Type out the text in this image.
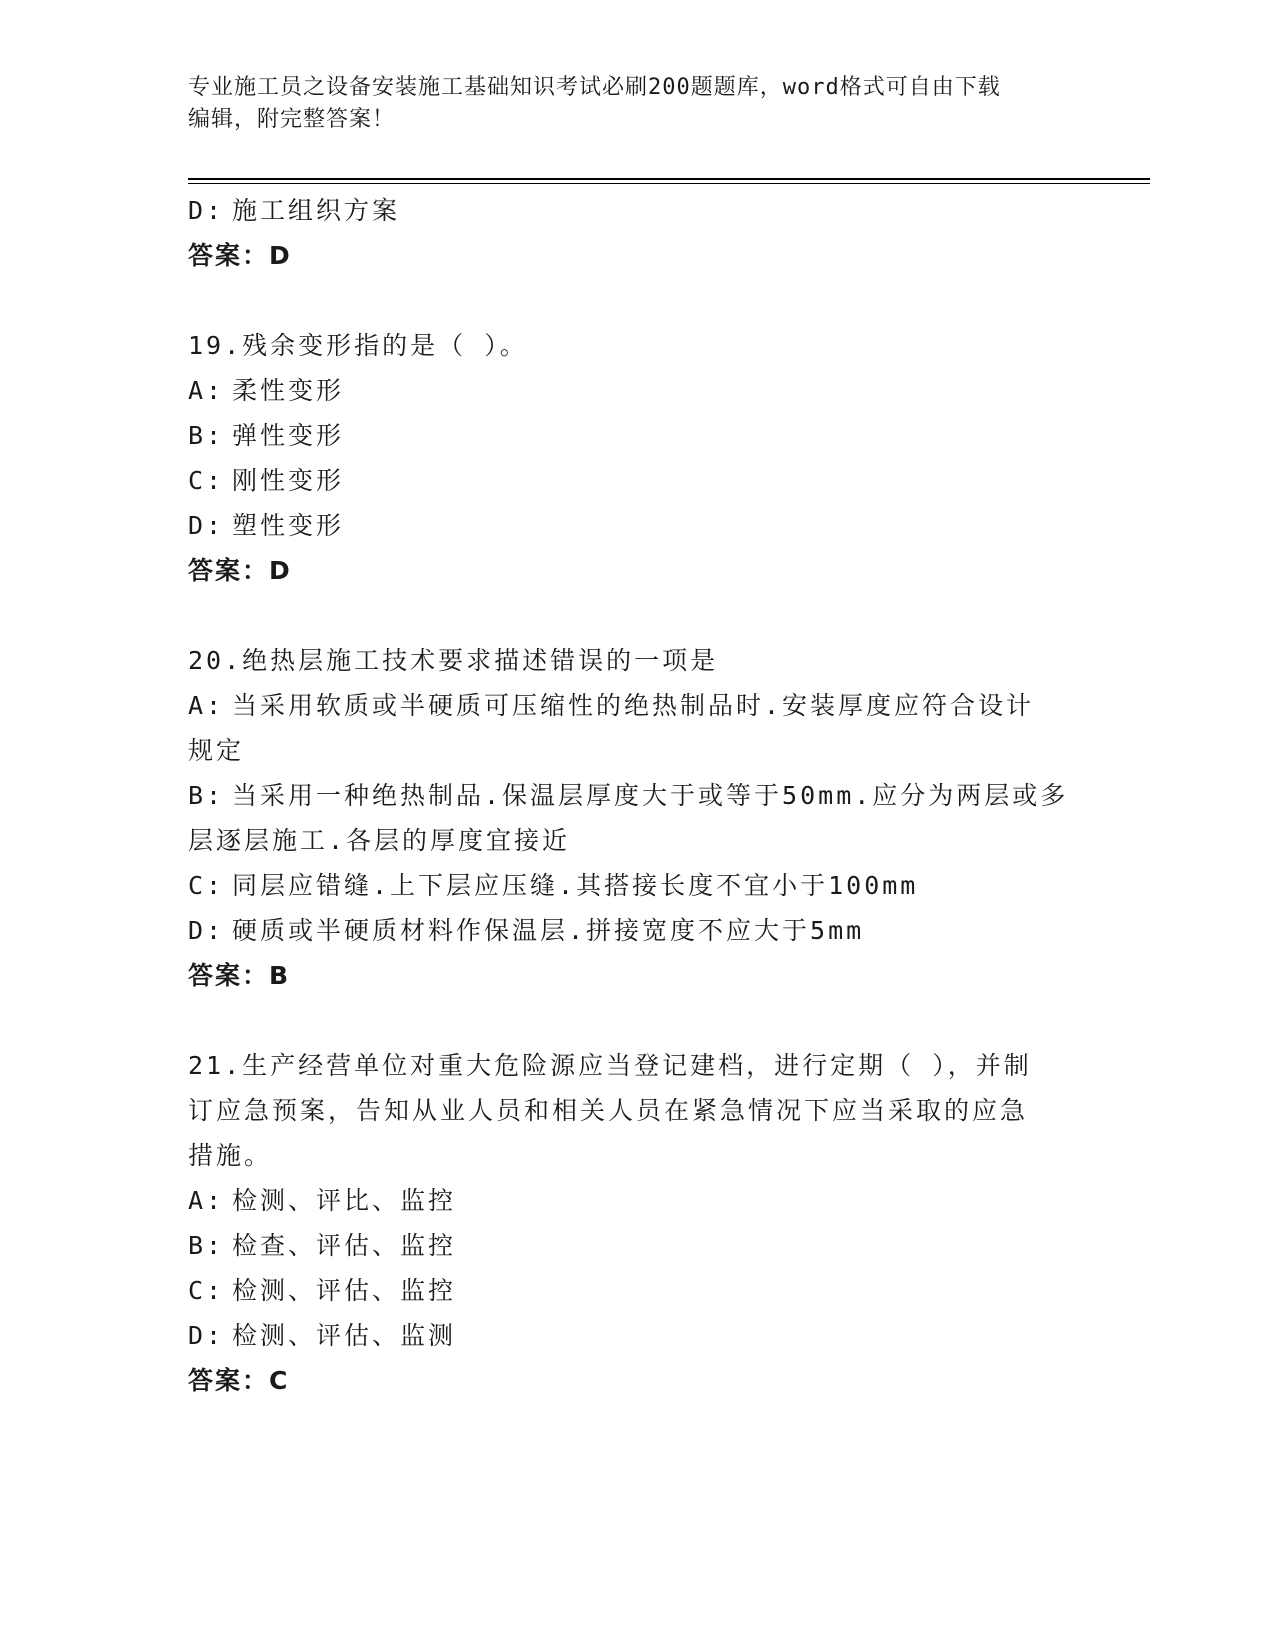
专业施工员之设备安装施工基础知识考试必刷200题题库，word格式可自由下载
编辑，附完整答案！
D: 施工组织方案
答案：D
19.残余变形指的是（ ）。
A: 柔性变形
B: 弹性变形
C: 刚性变形
D: 塑性变形
答案：D
20.绝热层施工技术要求描述错误的一项是
A: 当采用软质或半硬质可压缩性的绝热制品时.安装厚度应符合设计
规定
B: 当采用一种绝热制品.保温层厚度大于或等于50mm.应分为两层或多
层逐层施工.各层的厚度宜接近
C: 同层应错缝.上下层应压缝.其搭接长度不宜小于100mm
D: 硬质或半硬质材料作保温层.拼接宽度不应大于5mm
答案：B
21.生产经营单位对重大危险源应当登记建档，进行定期（ ），并制
订应急预案，告知从业人员和相关人员在紧急情况下应当采取的应急
措施。
A: 检测、评比、监控
B: 检查、评估、监控
C: 检测、评估、监控
D: 检测、评估、监测
答案：C
